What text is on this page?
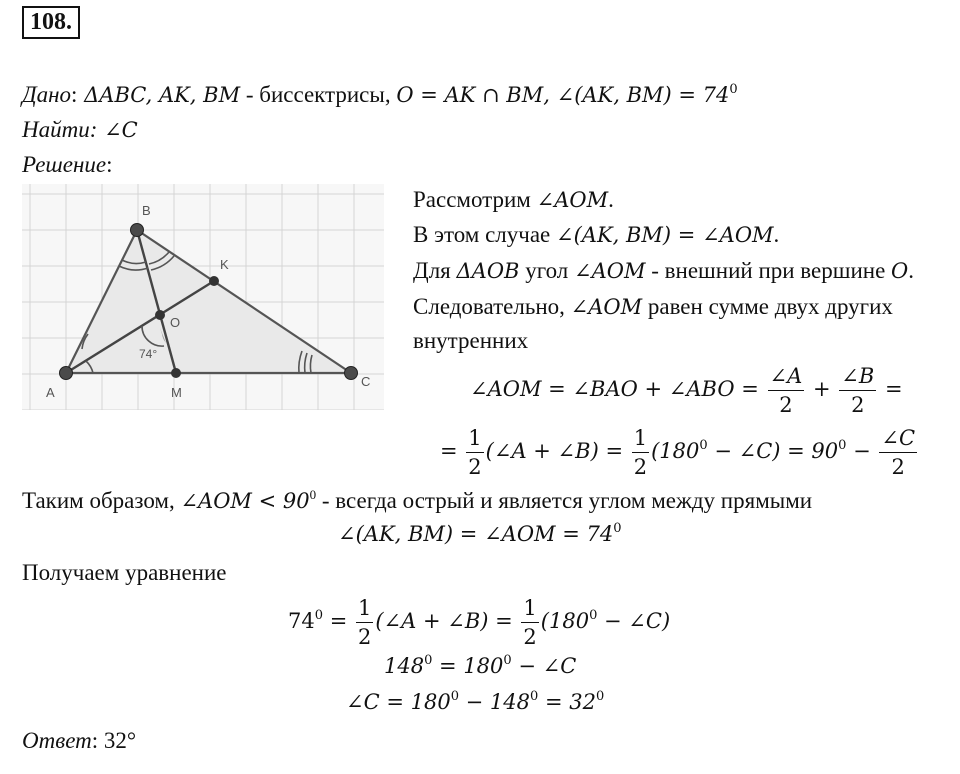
108.
Дано: ΔABC, AK, BM - биссектрисы, O = AK ∩ BM, ∠(AK, $BM) = 74^0$
Найти: ∠C
Решение:
B
K
O
74°
A	M
C
Рассмотрим ∠AOM.
В этом случае ∠(AK, BM) = ∠AOM.
Для ΔAOB угол ∠AOM - внешний при вершине O.
Следовательно, ∠AOM равен сумме двух других
внутренних
∠AOM = ∠BAO + ∠ABO = $\frac{\angle A}{2} + \frac{\angle B}{2}$ =
= $\frac{1}{2}$ (∠A + ∠B) = $\frac{1}{2} (180^0$ − ∠C) = $90^0 - \frac{\angle C}{2}$
Таким образом, ∠AOM < $90^0$ - всегда острый и является углом между прямыми
∠(AK, BM) = ∠AOM = $74^0$
Получаем уравнение
$74^0 = \frac{1}{2}$ (∠A + ∠B) = $\frac{1}{2} (180^0$ − ∠C)
$148^0 = 180^0$ − ∠C
∠C = $180^0 - 148^0 = 32^0$
Ответ: 32°
